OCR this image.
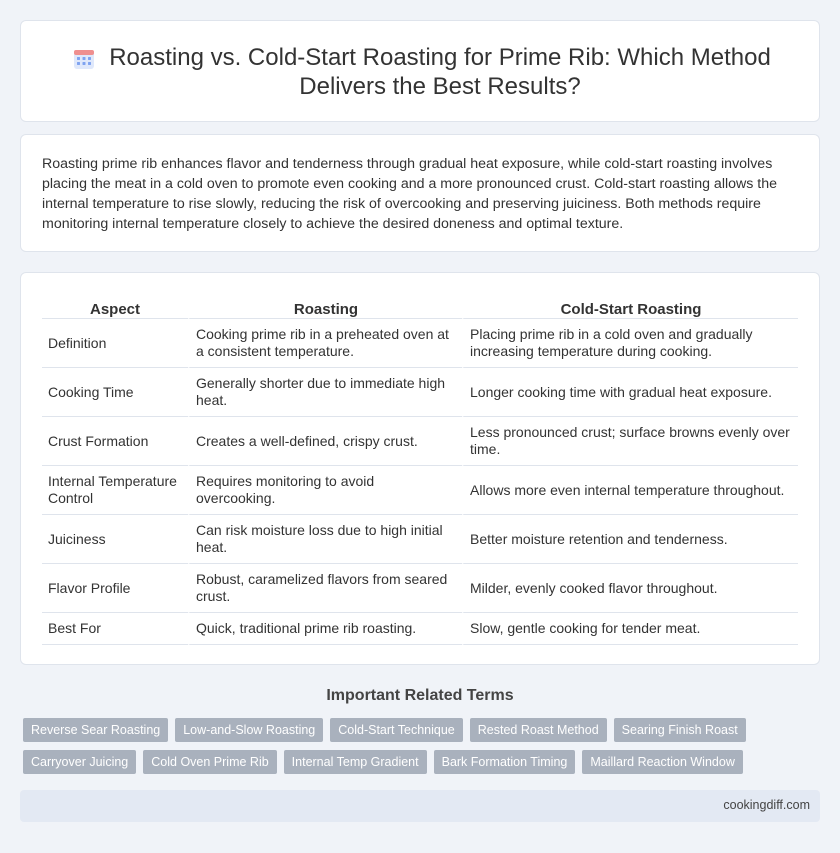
Roasting vs. Cold-Start Roasting for Prime Rib: Which Method Delivers the Best Results?

Roasting prime rib enhances flavor and tenderness through gradual heat exposure, while cold-start roasting involves placing the meat in a cold oven to promote even cooking and a more pronounced crust. Cold-start roasting allows the internal temperature to rise slowly, reducing the risk of overcooking and preserving juiciness. Both methods require monitoring internal temperature closely to achieve the desired doneness and optimal texture.

Aspect	Roasting	Cold-Start Roasting
Definition	Cooking prime rib in a preheated oven at a consistent temperature.	Placing prime rib in a cold oven and gradually increasing temperature during cooking.
Cooking Time	Generally shorter due to immediate high heat.	Longer cooking time with gradual heat exposure.
Crust Formation	Creates a well-defined, crispy crust.	Less pronounced crust; surface browns evenly over time.
Internal Temperature Control	Requires monitoring to avoid overcooking.	Allows more even internal temperature throughout.
Juiciness	Can risk moisture loss due to high initial heat.	Better moisture retention and tenderness.
Flavor Profile	Robust, caramelized flavors from seared crust.	Milder, evenly cooked flavor throughout.
Best For	Quick, traditional prime rib roasting.	Slow, gentle cooking for tender meat.
Important Related Terms
Reverse Sear Roasting	Low-and-Slow Roasting	Cold-Start Technique	Rested Roast Method	Searing Finish Roast
Carryover Juicing	Cold Oven Prime Rib	Internal Temp Gradient	Bark Formation Timing	Maillard Reaction Window
cookingdiff.com
